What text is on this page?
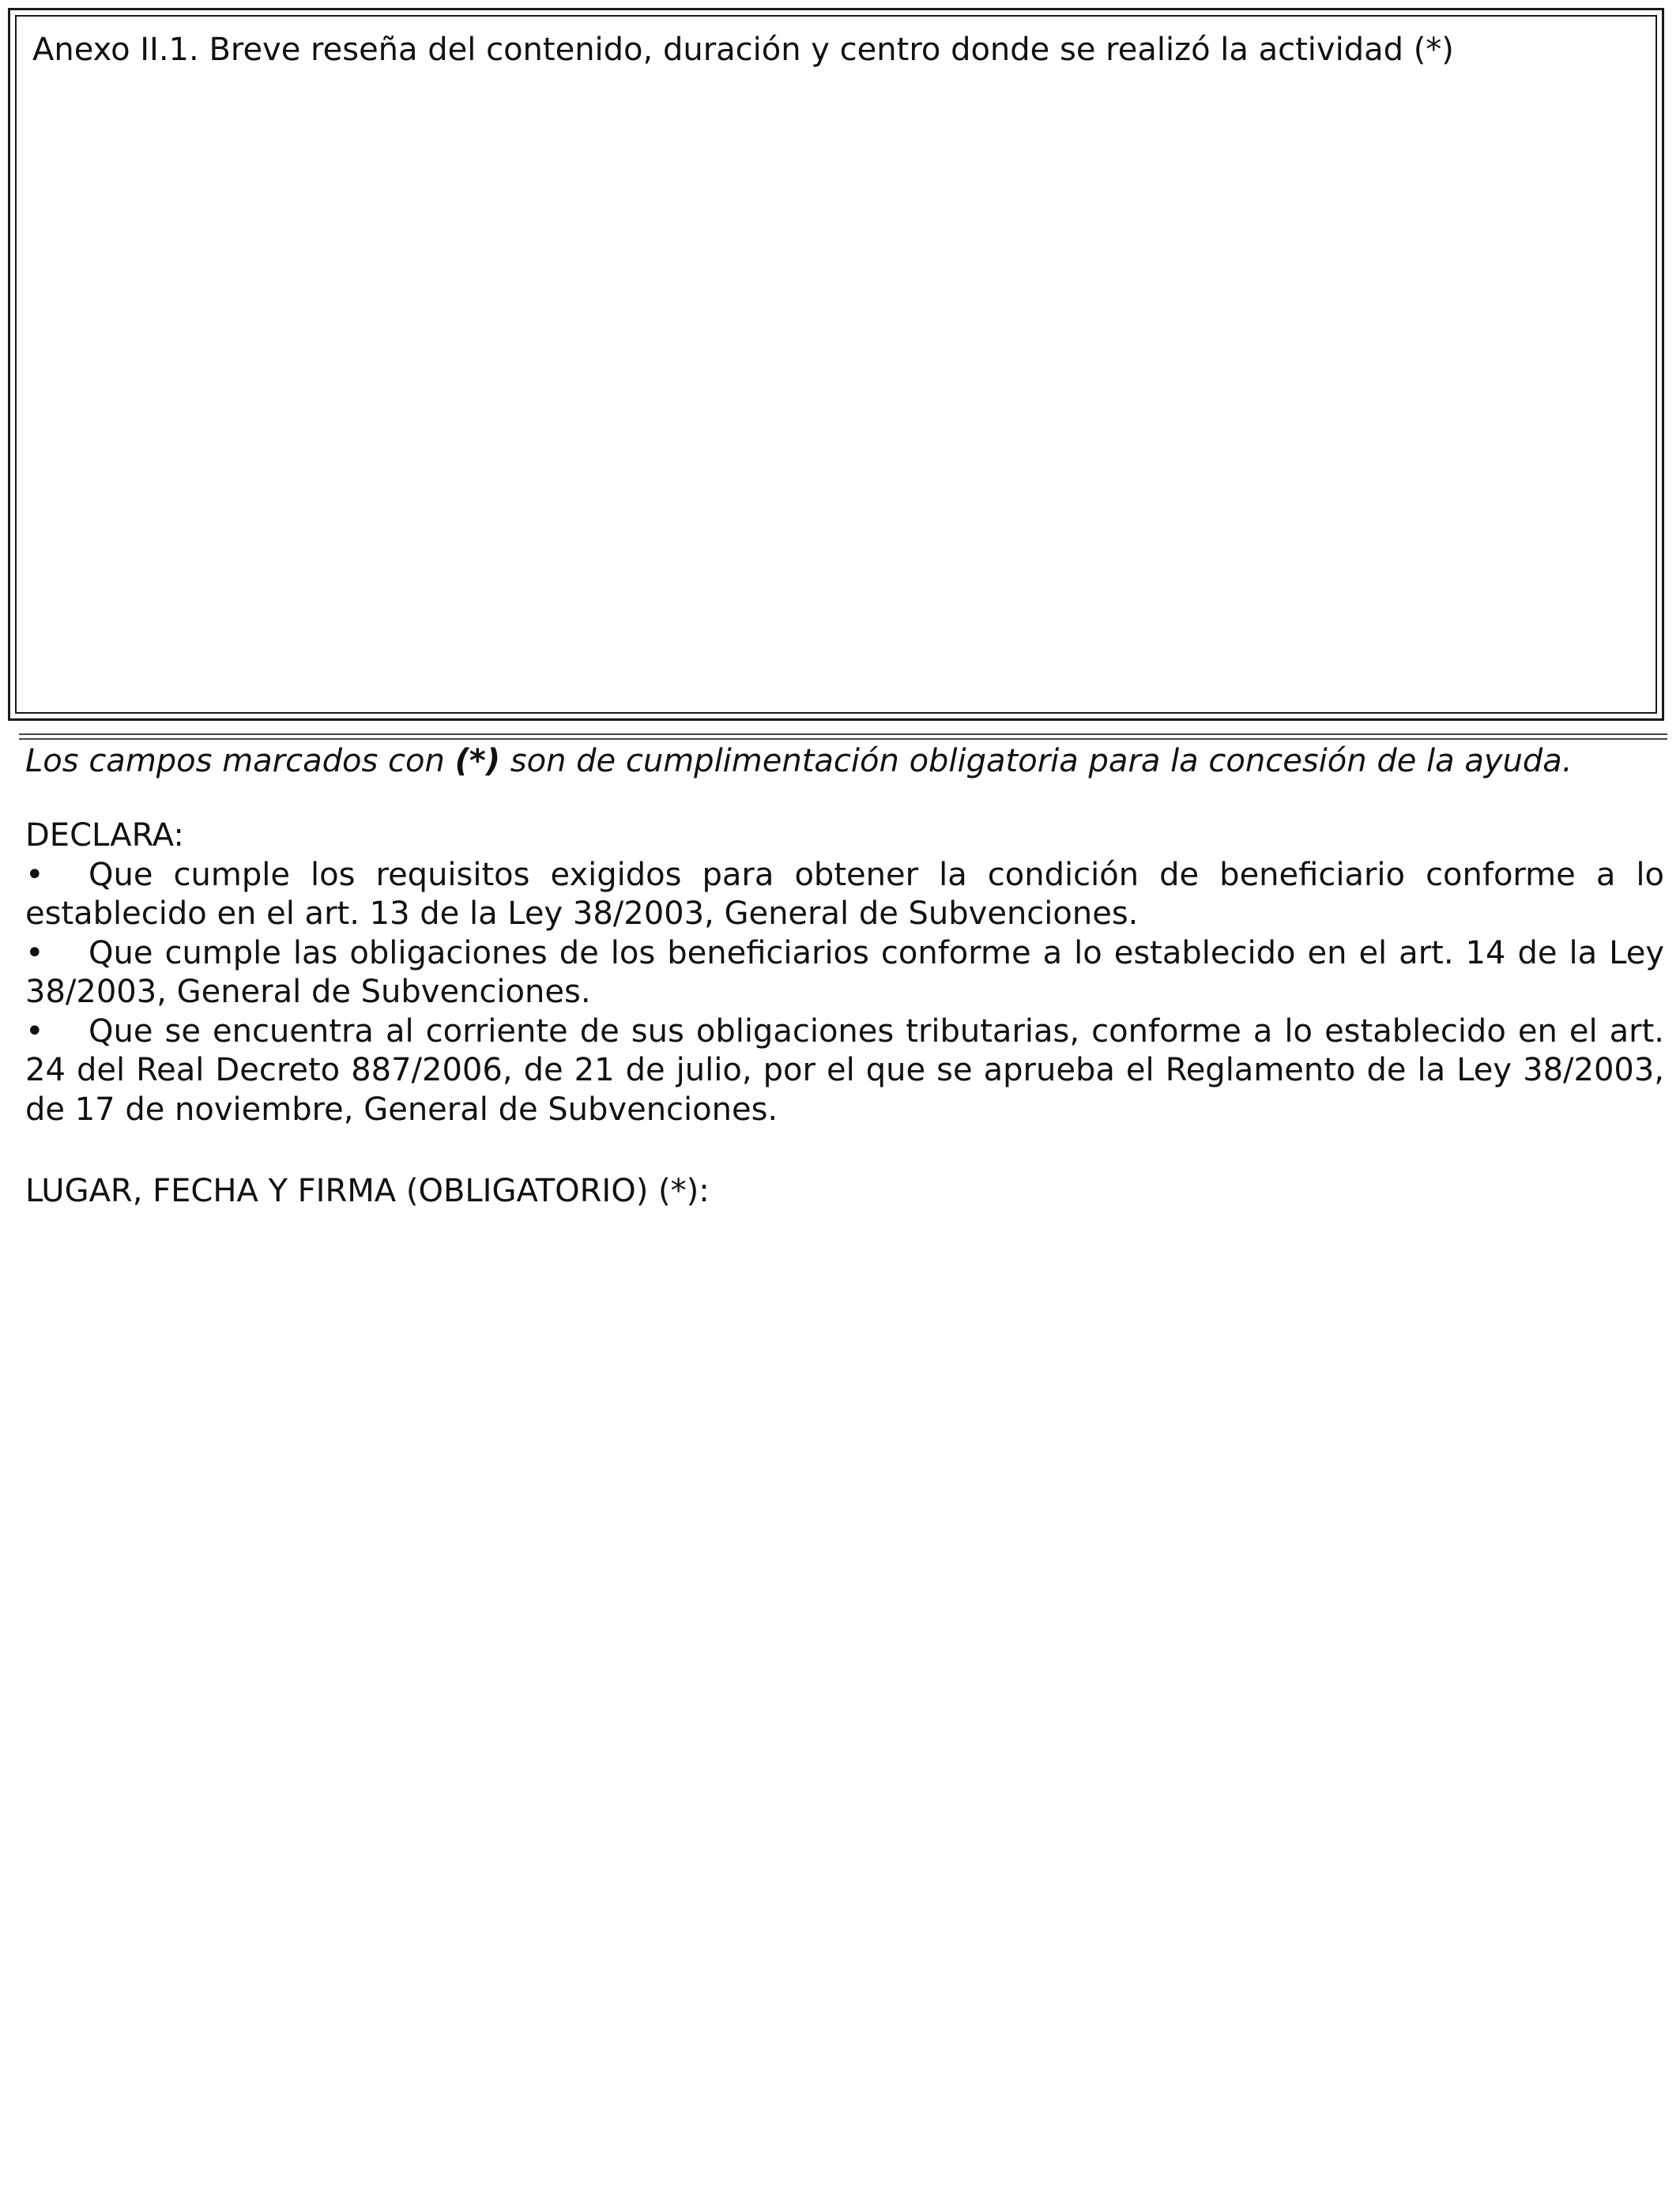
Anexo II.1. Breve reseña del contenido, duración y centro donde se realizó la actividad (*)
Los campos marcados con (*) son de cumplimentación obligatoria para la concesión de la ayuda.
DECLARA:

• Que cumple los requisitos exigidos para obtener la condición de beneficiario conforme a lo establecido en el art. 13 de la Ley 38/2003, General de Subvenciones.

• Que cumple las obligaciones de los beneficiarios conforme a lo establecido en el art. 14 de la Ley 38/2003, General de Subvenciones.

• Que se encuentra al corriente de sus obligaciones tributarias, conforme a lo establecido en el art. 24 del Real Decreto 887/2006, de 21 de julio, por el que se aprueba el Reglamento de la Ley 38/2003, de 17 de noviembre, General de Subvenciones.

LUGAR, FECHA Y FIRMA (OBLIGATORIO) (*):
